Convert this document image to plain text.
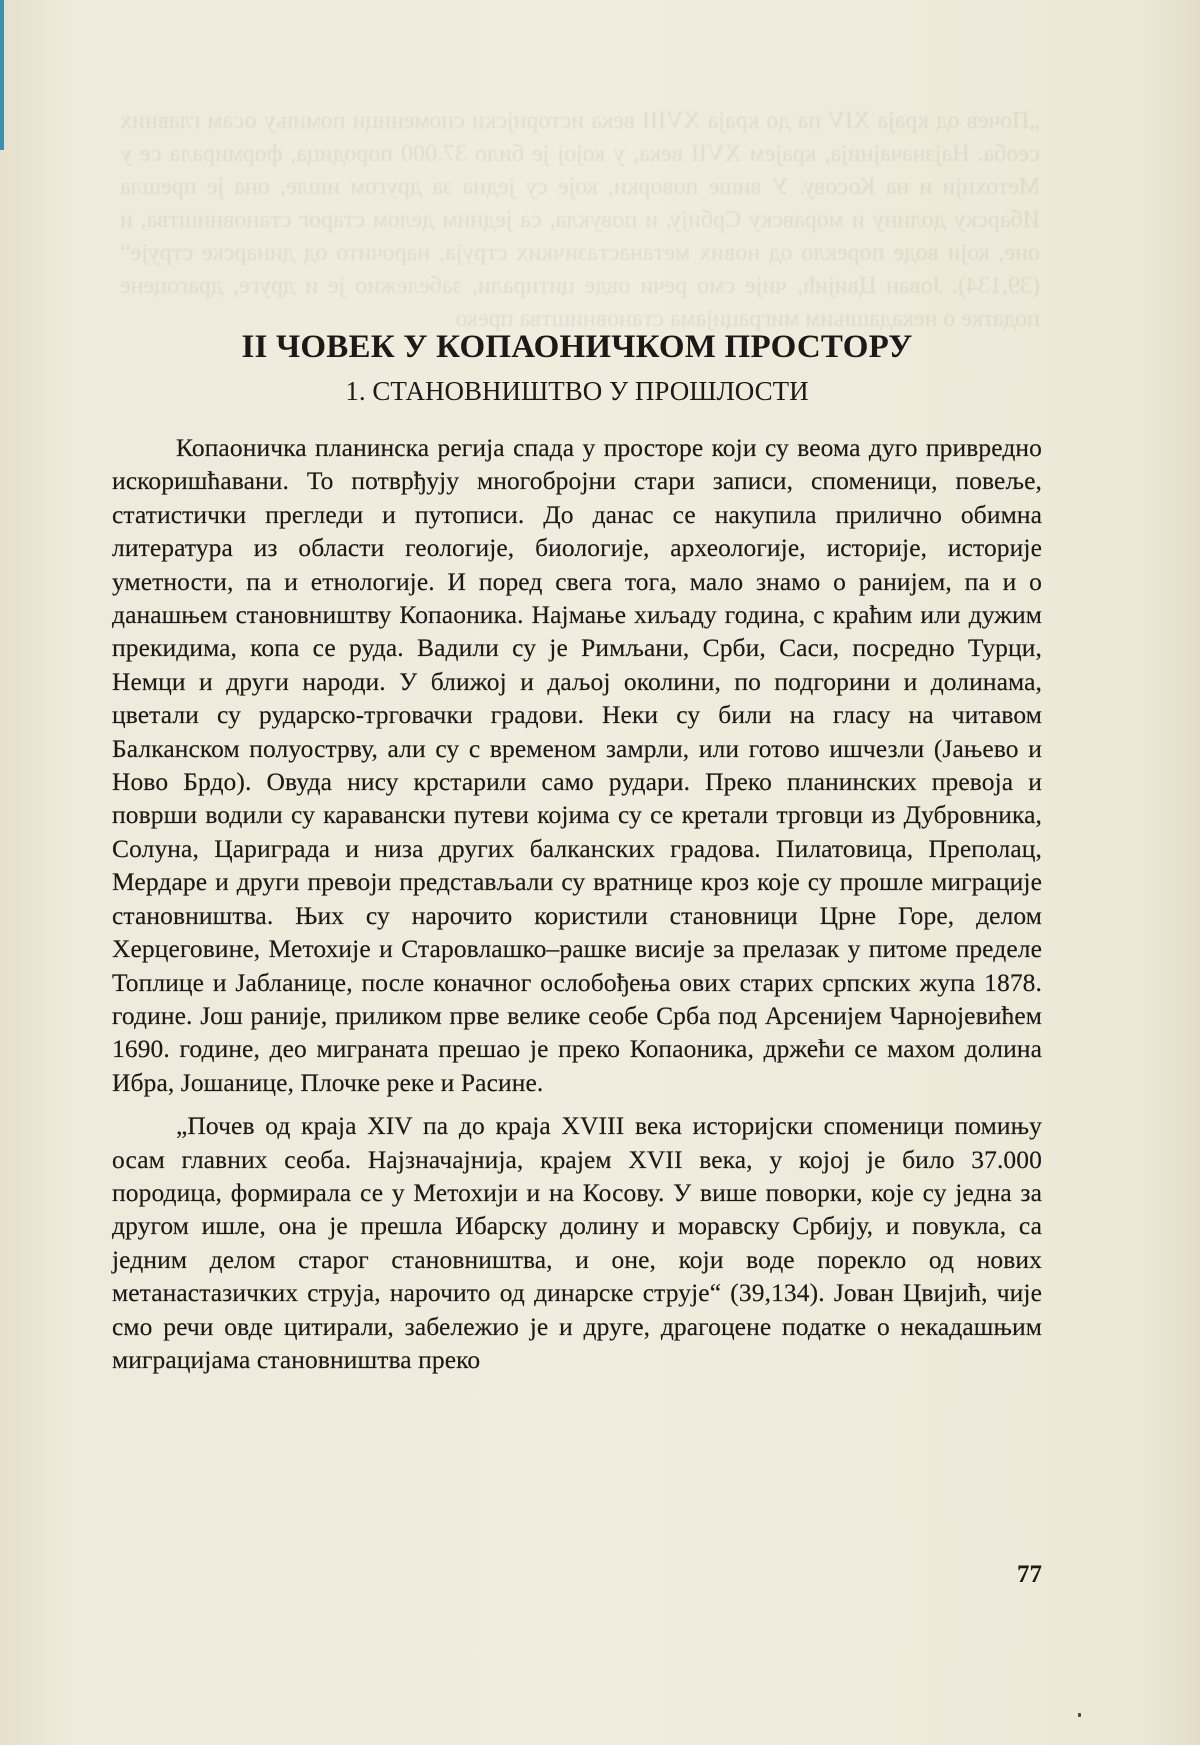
„Почев од краја XIV па до краја XVIII века историјски споменици помињу осам главних сеоба. Најзначајнија, крајем XVII века, у којој је било 37.000 породица, формирала се у Метохији и на Косову. У више поворки, које су једна за другом ишле, она је прешла Ибарску долину и моравску Србију, и повукла, са једним делом старог становништва, и оне, који воде порекло од нових метанастазичких струја, нарочито од динарске струје“ (39,134). Јован Цвијић, чије смо речи овде цитирали, забележио је и друге, драгоцене податке о некадашњим миграцијама становништва преко
II ЧОВЕК У КОПАОНИЧКОМ ПРОСТОРУ
1. СТАНОВНИШТВО У ПРОШЛОСТИ

Копаоничка планинска регија спада у просторе који су веома дуго привредно искоришћавани. То потврђују многобројни стари записи, споменици, повеље, статистички прегледи и путописи. До данас се накупила прилично обимна литература из области геологије, биологије, археологије, историје, историје уметности, па и етнологије. И поред свега тога, мало знамо о ранијем, па и о данашњем становништву Копаоника. Најмање хиљаду година, с краћим или дужим прекидима, копа се руда. Вадили су је Римљани, Срби, Саси, посредно Турци, Немци и други народи. У ближој и даљој околини, по подгорини и долинама, цветали су рударско-трговачки градови. Неки су били на гласу на читавом Балканском полуострву, али су с временом замрли, или готово ишчезли (Јањево и Ново Брдо). Овуда нису крстарили само рудари. Преко планинских превоја и површи водили су каравански путеви којима су се кретали трговци из Дубровника, Солуна, Цариграда и низа других балканских градова. Пилатовица, Преполац, Мердаре и други превоји представљали су вратнице кроз које су прошле миграције становништва. Њих су нарочито користили становници Црне Горе, делом Херцеговине, Метохије и Старовлашко–рашке висије за прелазак у питоме пределе Топлице и Јабланице, после коначног ослобођења ових старих српских жупа 1878. године. Још раније, приликом прве велике сеобе Срба под Арсенијем Чарнојевићем 1690. године, део миграната прешао је преко Копаоника, држећи се махом долина Ибра, Јошанице, Плочке реке и Расине.

„Почев од краја XIV па до краја XVIII века историјски споменици помињу осам главних сеоба. Најзначајнија, крајем XVII века, у којој је било 37.000 породица, формирала се у Метохији и на Косову. У више поворки, које су једна за другом ишле, она је прешла Ибарску долину и моравску Србију, и повукла, са једним делом старог становништва, и оне, који воде порекло од нових метанастазичких струја, нарочито од динарске струје“ (39,134). Јован Цвијић, чије смо речи овде цитирали, забележио је и друге, драгоцене податке о некадашњим миграцијама становништва преко

77
